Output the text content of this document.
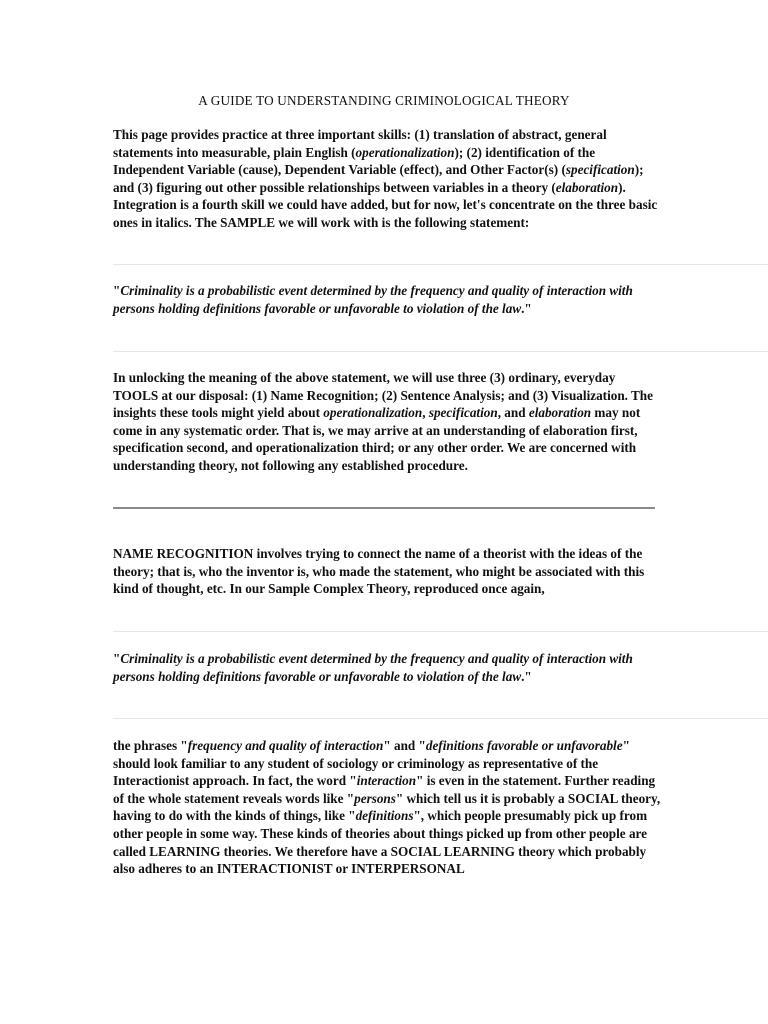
A GUIDE TO UNDERSTANDING CRIMINOLOGICAL THEORY

This page provides practice at three important skills: (1) translation of abstract, general statements into measurable, plain English (operationalization); (2) identification of the Independent Variable (cause), Dependent Variable (effect), and Other Factor(s) (specification); and (3) figuring out other possible relationships between variables in a theory (elaboration). Integration is a fourth skill we could have added, but for now, let's concentrate on the three basic ones in italics. The SAMPLE we will work with is the following statement:

"Criminality is a probabilistic event determined by the frequency and quality of interaction with persons holding definitions favorable or unfavorable to violation of the law."

In unlocking the meaning of the above statement, we will use three (3) ordinary, everyday TOOLS at our disposal: (1) Name Recognition; (2) Sentence Analysis; and (3) Visualization. The insights these tools might yield about operationalization, specification, and elaboration may not come in any systematic order. That is, we may arrive at an understanding of elaboration first, specification second, and operationalization third; or any other order. We are concerned with understanding theory, not following any established procedure.

NAME RECOGNITION involves trying to connect the name of a theorist with the ideas of the theory; that is, who the inventor is, who made the statement, who might be associated with this kind of thought, etc. In our Sample Complex Theory, reproduced once again,

"Criminality is a probabilistic event determined by the frequency and quality of interaction with persons holding definitions favorable or unfavorable to violation of the law."

the phrases "frequency and quality of interaction" and "definitions favorable or unfavorable" should look familiar to any student of sociology or criminology as representative of the Interactionist approach. In fact, the word "interaction" is even in the statement. Further reading of the whole statement reveals words like "persons" which tell us it is probably a SOCIAL theory, having to do with the kinds of things, like "definitions", which people presumably pick up from other people in some way. These kinds of theories about things picked up from other people are called LEARNING theories. We therefore have a SOCIAL LEARNING theory which probably also adheres to an INTERACTIONIST or INTERPERSONAL
